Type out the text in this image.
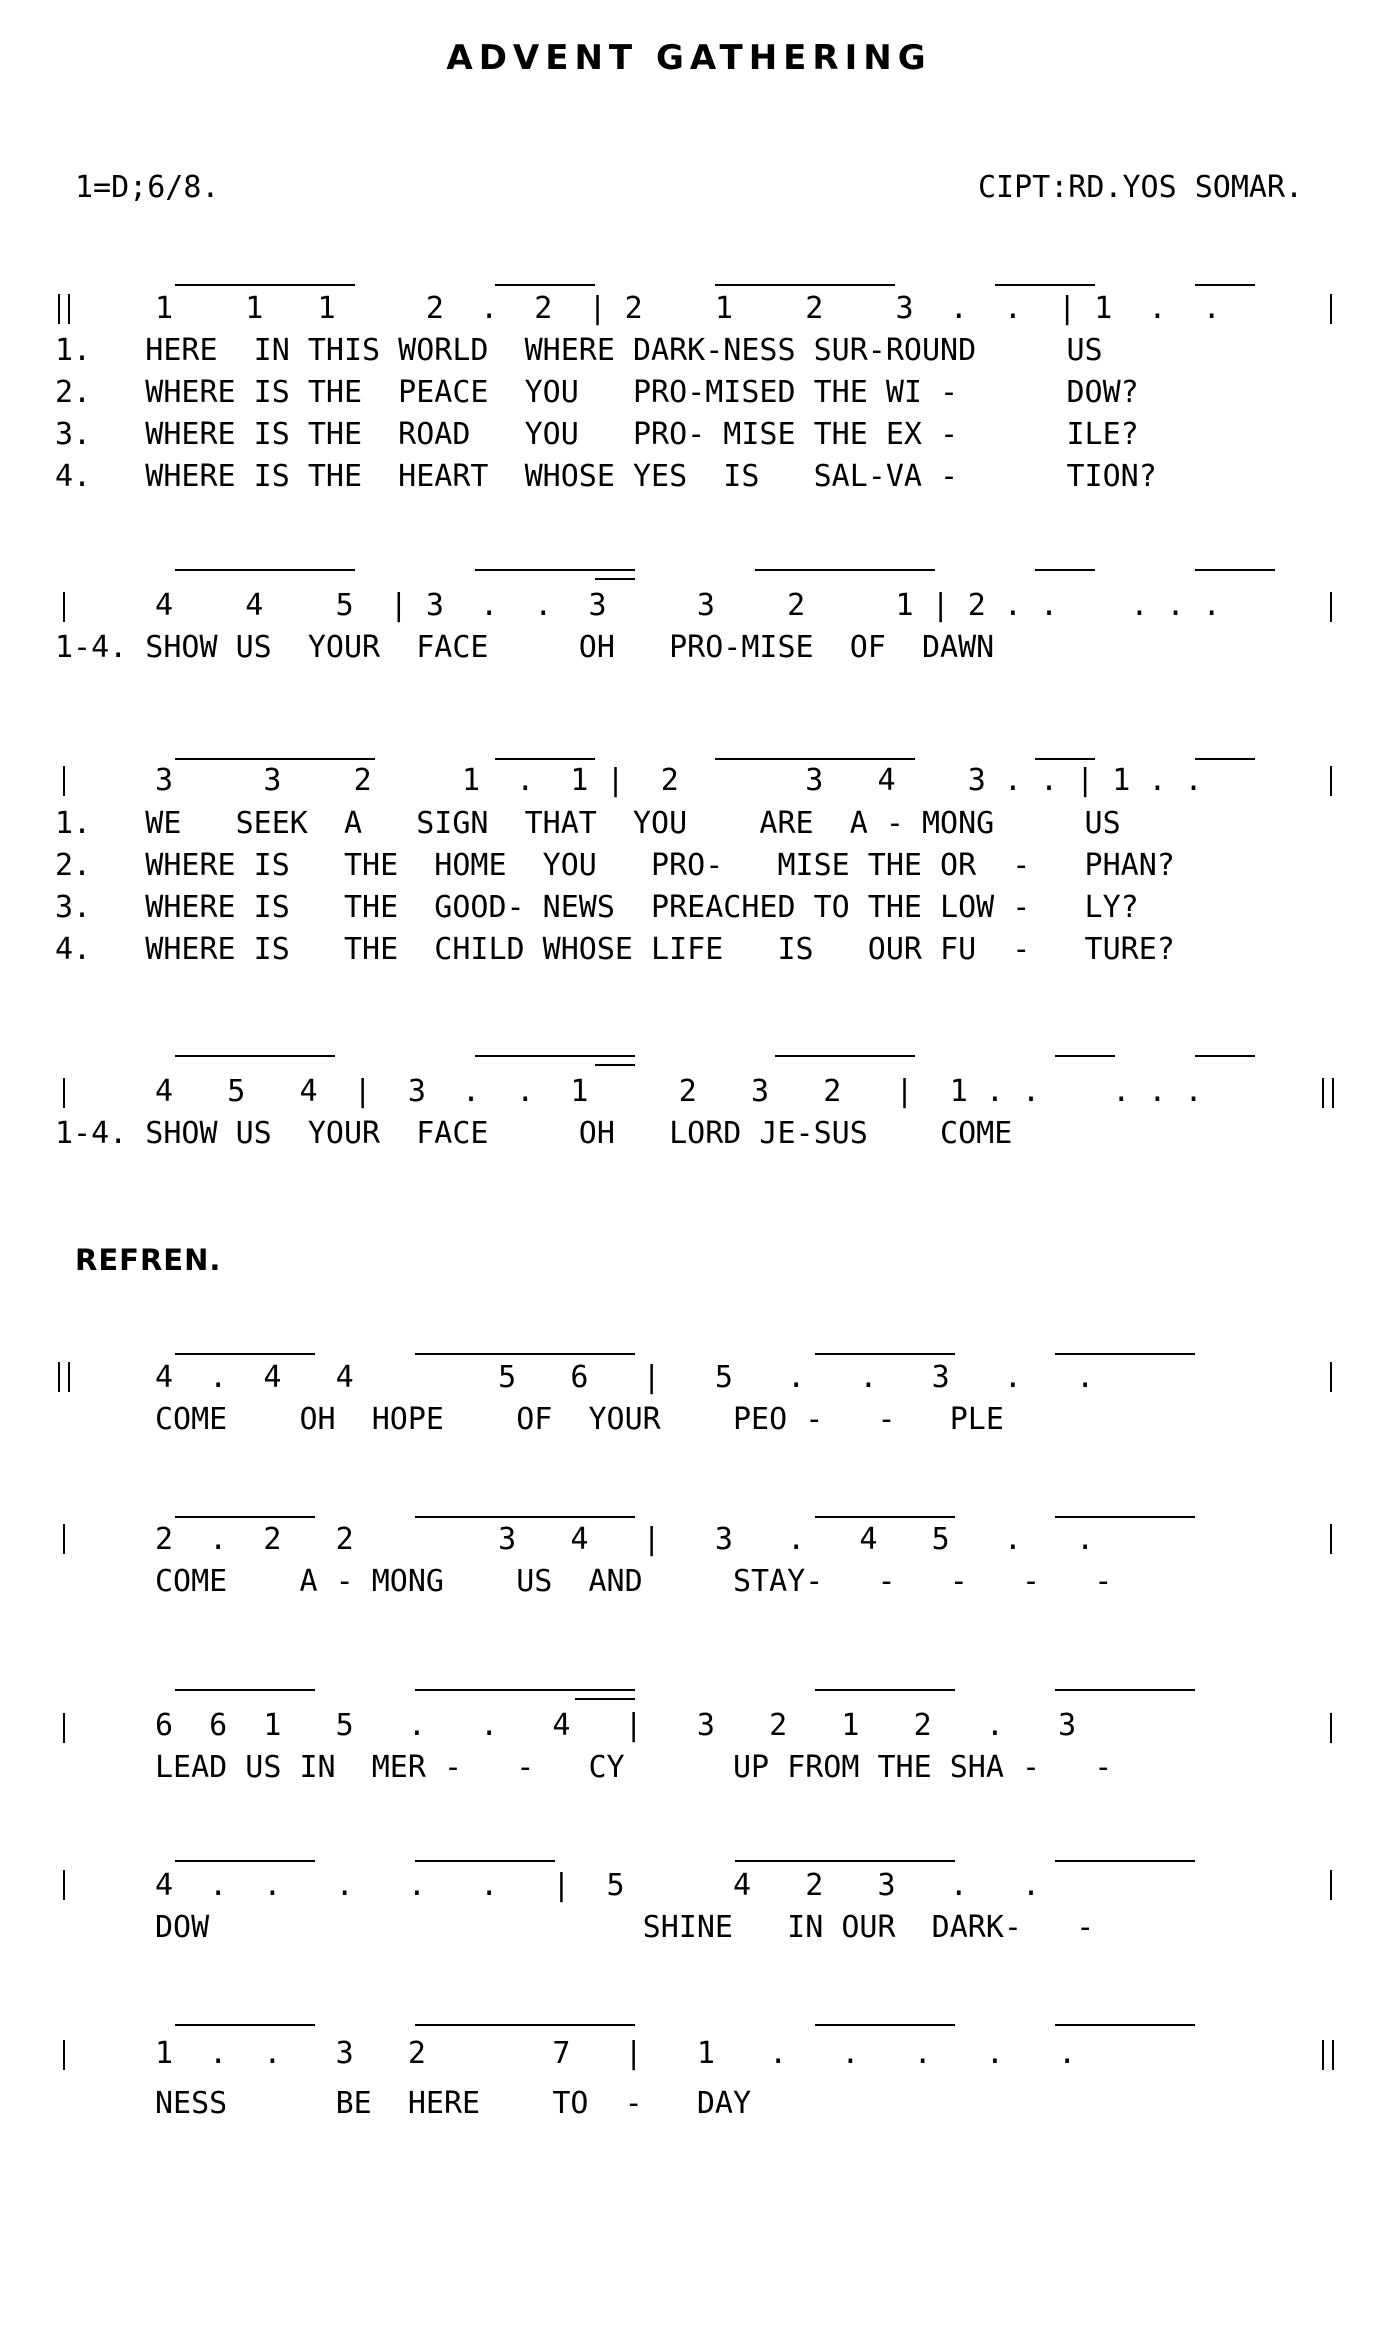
ADVENT GATHERING
1=D;6/8.	CIPT:RD.YOS SOMAR.
1    1   1     2  .  2  | 2    1    2    3  .  .  | 1  .  .
1.   HERE  IN THIS WORLD  WHERE DARK-NESS SUR-ROUND     US
2.   WHERE IS THE  PEACE  YOU   PRO-MISED THE WI -      DOW?
3.   WHERE IS THE  ROAD   YOU   PRO- MISE THE EX -      ILE?
4.   WHERE IS THE  HEART  WHOSE YES  IS   SAL-VA -      TION?
4    4    5  | 3  .  .  3     3    2     1 | 2 . .    . . .
1-4. SHOW US  YOUR  FACE     OH   PRO-MISE  OF  DAWN
3     3    2     1  .  1 |  2       3   4    3 . . | 1 . .
1.   WE   SEEK  A   SIGN  THAT  YOU    ARE  A - MONG     US
2.   WHERE IS   THE  HOME  YOU   PRO-   MISE THE OR  -   PHAN?
3.   WHERE IS   THE  GOOD- NEWS  PREACHED TO THE LOW -   LY?
4.   WHERE IS   THE  CHILD WHOSE LIFE   IS   OUR FU  -   TURE?
4   5   4  |  3  .  .  1     2   3   2   |  1 . .    . . .
1-4. SHOW US  YOUR  FACE     OH   LORD JE-SUS    COME
REFREN.
4  .  4   4        5   6   |   5   .   .   3   .   .
COME    OH  HOPE    OF  YOUR    PEO -   -   PLE
2  .  2   2        3   4   |   3   .   4   5   .   .
COME    A - MONG    US  AND     STAY-   -   -   -   -
6  6  1   5   .   .   4   |   3   2   1   2   .   3
LEAD US IN  MER -   -   CY      UP FROM THE SHA -   -
4  .  .   .   .   .   |  5      4   2   3   .   .
DOW                        SHINE   IN OUR  DARK-   -
1  .  .   3   2       7   |   1   .   .   .   .   .
NESS      BE  HERE    TO  -   DAY
